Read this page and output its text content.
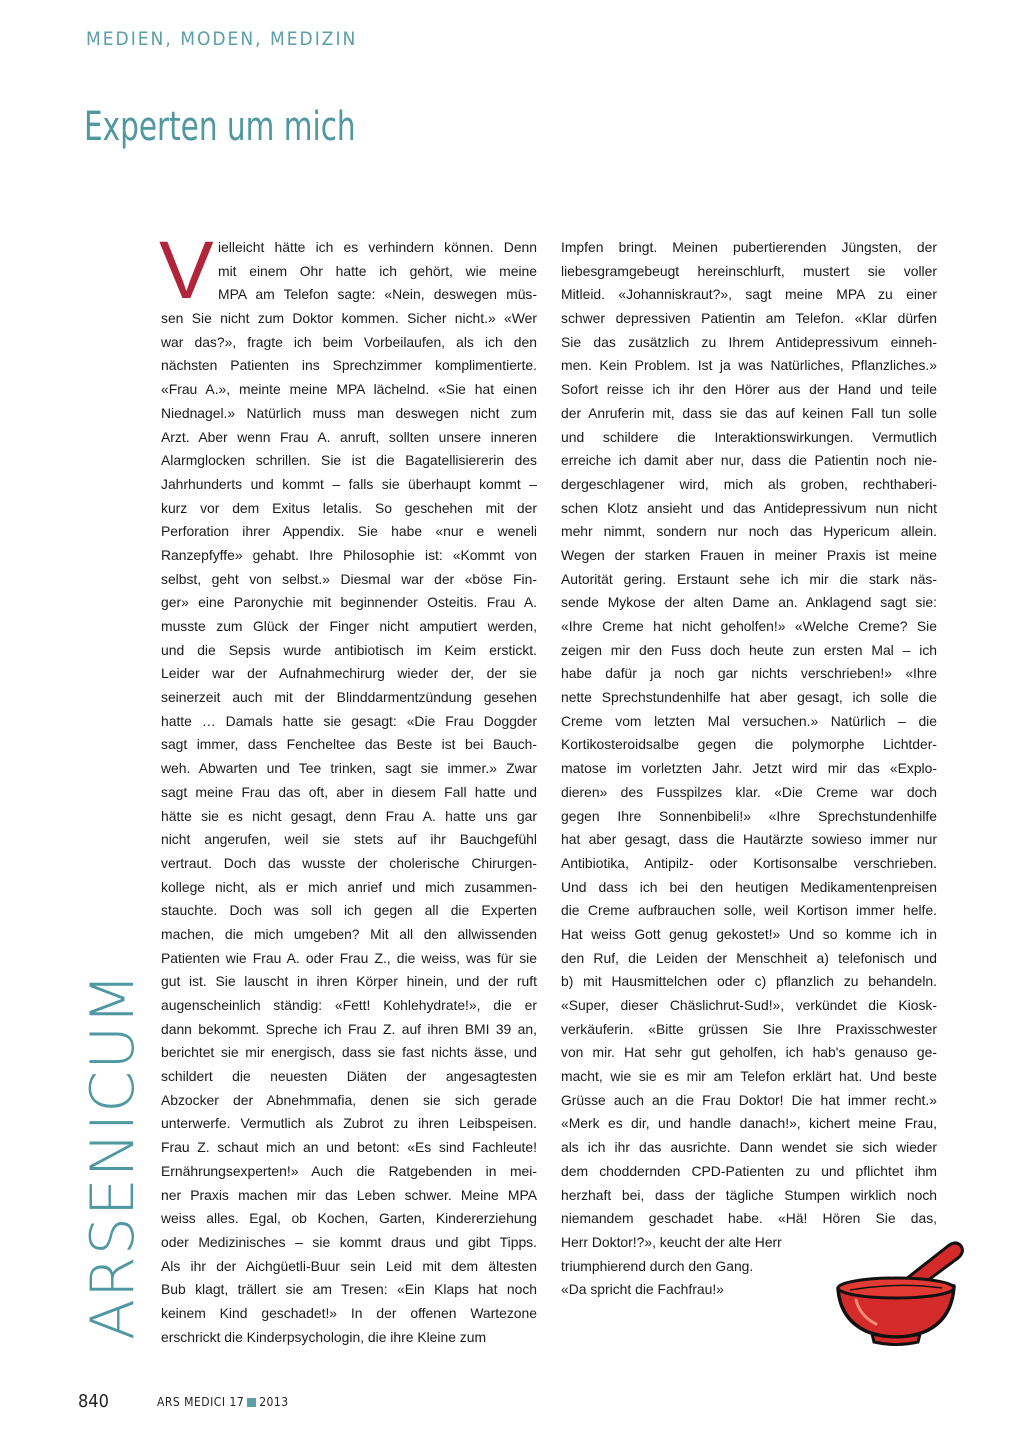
MEDIEN, MODEN, MEDIZIN
Experten um mich
V ielleicht hätte ich es verhindern können. Denn
mit einem Ohr hatte ich gehört, wie meine
MPA am Telefon sagte: «Nein, deswegen müs-
sen Sie nicht zum Doktor kommen. Sicher nicht.» «Wer
war das?», fragte ich beim Vorbeilaufen, als ich den
nächsten Patienten ins Sprechzimmer komplimentierte.
«Frau A.», meinte meine MPA lächelnd. «Sie hat einen
Niednagel.» Natürlich muss man deswegen nicht zum
Arzt. Aber wenn Frau A. anruft, sollten unsere inneren
Alarmglocken schrillen. Sie ist die Bagatellisiererin des
Jahrhunderts und kommt – falls sie überhaupt kommt –
kurz vor dem Exitus letalis. So geschehen mit der
Perforation ihrer Appendix. Sie habe «nur e weneli
Ranzepfyffe» gehabt. Ihre Philosophie ist: «Kommt von
selbst, geht von selbst.» Diesmal war der «böse Fin-
ger» eine Paronychie mit beginnender Osteitis. Frau A.
musste zum Glück der Finger nicht amputiert werden,
und die Sepsis wurde antibiotisch im Keim erstickt.
Leider war der Aufnahmechirurg wieder der, der sie
seinerzeit auch mit der Blinddarmentzündung gesehen
hatte … Damals hatte sie gesagt: «Die Frau Doggder
sagt immer, dass Fencheltee das Beste ist bei Bauch-
weh. Abwarten und Tee trinken, sagt sie immer.» Zwar
sagt meine Frau das oft, aber in diesem Fall hatte und
hätte sie es nicht gesagt, denn Frau A. hatte uns gar
nicht angerufen, weil sie stets auf ihr Bauchgefühl
vertraut. Doch das wusste der cholerische Chirurgen-
kollege nicht, als er mich anrief und mich zusammen-
stauchte. Doch was soll ich gegen all die Experten
machen, die mich umgeben? Mit all den allwissenden
Patienten wie Frau A. oder Frau Z., die weiss, was für sie
gut ist. Sie lauscht in ihren Körper hinein, und der ruft
augenscheinlich ständig: «Fett! Kohlehydrate!», die er
dann bekommt. Spreche ich Frau Z. auf ihren BMI 39 an,
berichtet sie mir energisch, dass sie fast nichts ässe, und
schildert die neuesten Diäten der angesagtesten
Abzocker der Abnehmmafia, denen sie sich gerade
unterwerfe. Vermutlich als Zubrot zu ihren Leibspeisen.
Frau Z. schaut mich an und betont: «Es sind Fachleute!
Ernährungsexperten!» Auch die Ratgebenden in mei-
ner Praxis machen mir das Leben schwer. Meine MPA
weiss alles. Egal, ob Kochen, Garten, Kindererziehung
oder Medizinisches – sie kommt draus und gibt Tipps.
Als ihr der Aichgüetli-Buur sein Leid mit dem ältesten
Bub klagt, trällert sie am Tresen: «Ein Klaps hat noch
keinem Kind geschadet!» In der offenen Wartezone
erschrickt die Kinderpsychologin, die ihre Kleine zum
Impfen bringt. Meinen pubertierenden Jüngsten, der
liebesgramgebeugt hereinschlurft, mustert sie voller
Mitleid. «Johanniskraut?», sagt meine MPA zu einer
schwer depressiven Patientin am Telefon. «Klar dürfen
Sie das zusätzlich zu Ihrem Antidepressivum einneh-
men. Kein Problem. Ist ja was Natürliches, Pflanzliches.»
Sofort reisse ich ihr den Hörer aus der Hand und teile
der Anruferin mit, dass sie das auf keinen Fall tun solle
und schildere die Interaktionswirkungen. Vermutlich
erreiche ich damit aber nur, dass die Patientin noch nie-
dergeschlagener wird, mich als groben, rechthaberi-
schen Klotz ansieht und das Antidepressivum nun nicht
mehr nimmt, sondern nur noch das Hypericum allein.
Wegen der starken Frauen in meiner Praxis ist meine
Autorität gering. Erstaunt sehe ich mir die stark näs-
sende Mykose der alten Dame an. Anklagend sagt sie:
«Ihre Creme hat nicht geholfen!» «Welche Creme? Sie
zeigen mir den Fuss doch heute zun ersten Mal – ich
habe dafür ja noch gar nichts verschrieben!» «Ihre
nette Sprechstundenhilfe hat aber gesagt, ich solle die
Creme vom letzten Mal versuchen.» Natürlich – die
Kortikosteroidsalbe gegen die polymorphe Lichtder-
matose im vorletzten Jahr. Jetzt wird mir das «Explo-
dieren» des Fusspilzes klar. «Die Creme war doch
gegen Ihre Sonnenbibeli!» «Ihre Sprechstundenhilfe
hat aber gesagt, dass die Hautärzte sowieso immer nur
Antibiotika, Antipilz- oder Kortisonsalbe verschrieben.
Und dass ich bei den heutigen Medikamentenpreisen
die Creme aufbrauchen solle, weil Kortison immer helfe.
Hat weiss Gott genug gekostet!» Und so komme ich in
den Ruf, die Leiden der Menschheit a) telefonisch und
b) mit Hausmittelchen oder c) pflanzlich zu behandeln.
«Super, dieser Chäslichrut-Sud!», verkündet die Kiosk-
verkäuferin. «Bitte grüssen Sie Ihre Praxisschwester
von mir. Hat sehr gut geholfen, ich hab's genauso ge-
macht, wie sie es mir am Telefon erklärt hat. Und beste
Grüsse auch an die Frau Doktor! Die hat immer recht.»
«Merk es dir, und handle danach!», kichert meine Frau,
als ich ihr das ausrichte. Dann wendet sie sich wieder
dem choddernden CPD-Patienten zu und pflichtet ihm
herzhaft bei, dass der tägliche Stumpen wirklich noch
niemandem geschadet habe. «Hä! Hören Sie das,
Herr Doktor!?», keucht der alte Herr
triumphierend durch den Gang.
«Da spricht die Fachfrau!»
ARSENICUM
840	ARS MEDICI 17 2013
